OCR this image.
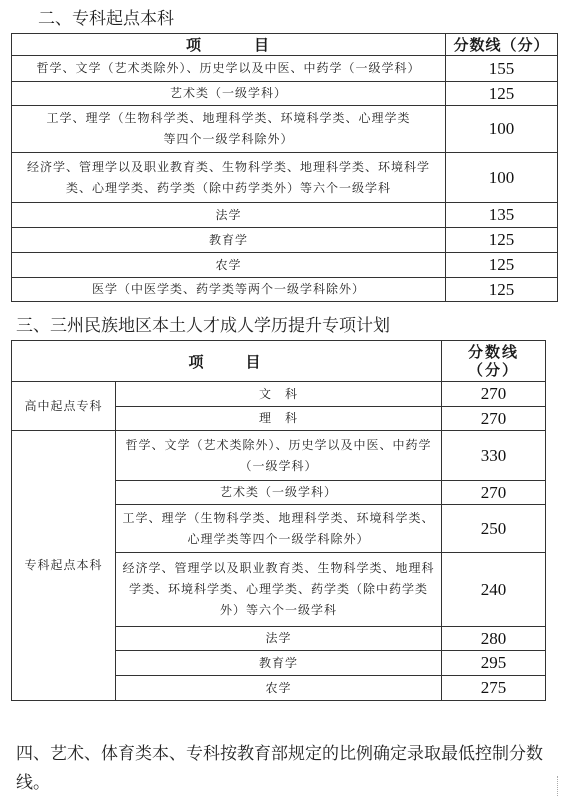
二、专科起点本科
项　　　目	分数线（分）
哲学、文学（艺术类除外）、历史学以及中医、中药学（一级学科）	155
艺术类（一级学科）	125
工学、理学（生物科学类、地理科学类、环境科学类、心理学类等四个一级学科除外）	100
经济学、管理学以及职业教育类、生物科学类、地理科学类、环境科学类、心理学类、药学类（除中药学类外）等六个一级学科	100
法学	135
教育学	125
农学	125
医学（中医学类、药学类等两个一级学科除外）	125
三、三州民族地区本土人才成人学历提升专项计划
项　　目		分数线
（分）
高中起点专科	文　科	270
	理　科	270
专科起点本科	哲学、文学（艺术类除外）、历史学以及中医、中药学（一级学科）	330
	艺术类（一级学科）	270
	工学、理学（生物科学类、地理科学类、环境科学类、心理学类等四个一级学科除外）	250
	经济学、管理学以及职业教育类、生物科学类、地理科学类、环境科学类、心理学类、药学类（除中药学类外）等六个一级学科	240
	法学	280
	教育学	295
	农学	275
四、艺术、体育类本、专科按教育部规定的比例确定录取最低控制分数线。
